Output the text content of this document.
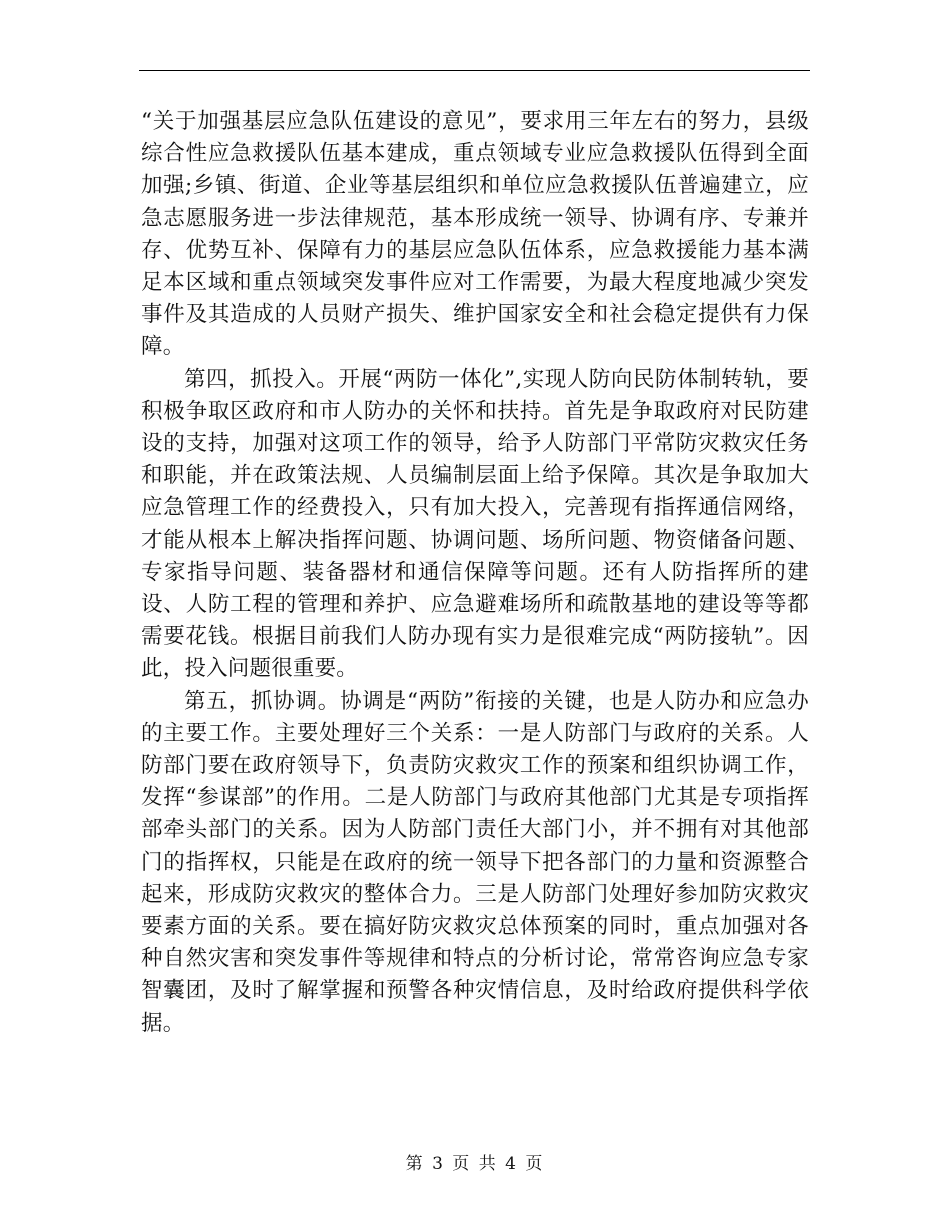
“关于加强基层应急队伍建设的意见”，要求用三年左右的努力，县级综合性应急救援队伍基本建成，重点领域专业应急救援队伍得到全面加强;乡镇、街道、企业等基层组织和单位应急救援队伍普遍建立，应急志愿服务进一步法律规范，基本形成统一领导、协调有序、专兼并存、优势互补、保障有力的基层应急队伍体系，应急救援能力基本满足本区域和重点领域突发事件应对工作需要，为最大程度地减少突发事件及其造成的人员财产损失、维护国家安全和社会稳定提供有力保障。

第四，抓投入。开展“两防一体化”,实现人防向民防体制转轨，要积极争取区政府和市人防办的关怀和扶持。首先是争取政府对民防建设的支持，加强对这项工作的领导，给予人防部门平常防灾救灾任务和职能，并在政策法规、人员编制层面上给予保障。其次是争取加大应急管理工作的经费投入，只有加大投入，完善现有指挥通信网络，才能从根本上解决指挥问题、协调问题、场所问题、物资储备问题、专家指导问题、装备器材和通信保障等问题。还有人防指挥所的建设、人防工程的管理和养护、应急避难场所和疏散基地的建设等等都需要花钱。根据目前我们人防办现有实力是很难完成“两防接轨”。因此，投入问题很重要。

第五，抓协调。协调是“两防”衔接的关键，也是人防办和应急办的主要工作。主要处理好三个关系：一是人防部门与政府的关系。人防部门要在政府领导下，负责防灾救灾工作的预案和组织协调工作，发挥“参谋部”的作用。二是人防部门与政府其他部门尤其是专项指挥部牵头部门的关系。因为人防部门责任大部门小，并不拥有对其他部门的指挥权，只能是在政府的统一领导下把各部门的力量和资源整合起来，形成防灾救灾的整体合力。三是人防部门处理好参加防灾救灾要素方面的关系。要在搞好防灾救灾总体预案的同时，重点加强对各种自然灾害和突发事件等规律和特点的分析讨论，常常咨询应急专家智囊团，及时了解掌握和预警各种灾情信息，及时给政府提供科学依据。

第 3 页 共 4 页
